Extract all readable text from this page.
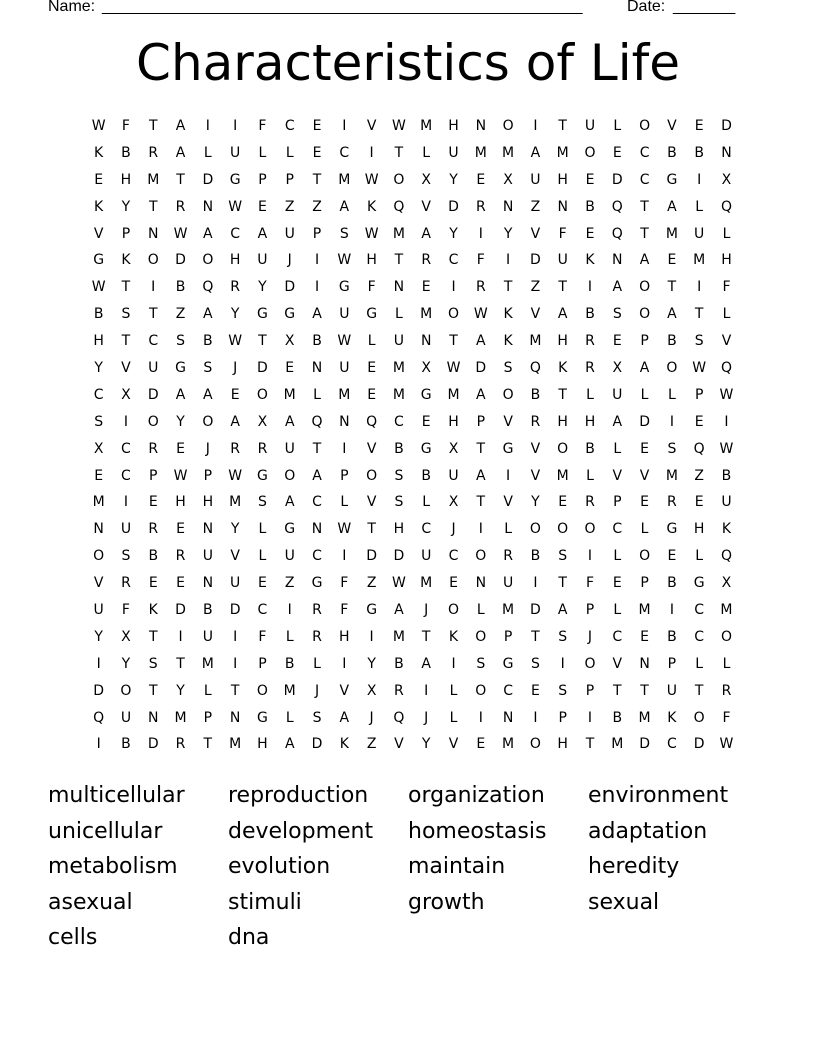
Name: ______________________________________________________	Date: _______
Characteristics of Life
W	F	T	A	I	I	F	C	E	I	V	W	M	H	N	O	I	T	U	L	O	V	E	D
K	B	R	A	L	U	L	L	E	C	I	T	L	U	M	M	A	M	O	E	C	B	B	N
E	H	M	T	D	G	P	P	T	M	W	O	X	Y	E	X	U	H	E	D	C	G	I	X
K	Y	T	R	N	W	E	Z	Z	A	K	Q	V	D	R	N	Z	N	B	Q	T	A	L	Q
V	P	N	W	A	C	A	U	P	S	W	M	A	Y	I	Y	V	F	E	Q	T	M	U	L
G	K	O	D	O	H	U	J	I	W	H	T	R	C	F	I	D	U	K	N	A	E	M	H
W	T	I	B	Q	R	Y	D	I	G	F	N	E	I	R	T	Z	T	I	A	O	T	I	F
B	S	T	Z	A	Y	G	G	A	U	G	L	M	O	W	K	V	A	B	S	O	A	T	L
H	T	C	S	B	W	T	X	B	W	L	U	N	T	A	K	M	H	R	E	P	B	S	V
Y	V	U	G	S	J	D	E	N	U	E	M	X	W	D	S	Q	K	R	X	A	O	W	Q
C	X	D	A	A	E	O	M	L	M	E	M	G	M	A	O	B	T	L	U	L	L	P	W
S	I	O	Y	O	A	X	A	Q	N	Q	C	E	H	P	V	R	H	H	A	D	I	E	I
X	C	R	E	J	R	R	U	T	I	V	B	G	X	T	G	V	O	B	L	E	S	Q	W
E	C	P	W	P	W	G	O	A	P	O	S	B	U	A	I	V	M	L	V	V	M	Z	B
M	I	E	H	H	M	S	A	C	L	V	S	L	X	T	V	Y	E	R	P	E	R	E	U
N	U	R	E	N	Y	L	G	N	W	T	H	C	J	I	L	O	O	O	C	L	G	H	K
O	S	B	R	U	V	L	U	C	I	D	D	U	C	O	R	B	S	I	L	O	E	L	Q
V	R	E	E	N	U	E	Z	G	F	Z	W	M	E	N	U	I	T	F	E	P	B	G	X
U	F	K	D	B	D	C	I	R	F	G	A	J	O	L	M	D	A	P	L	M	I	C	M
Y	X	T	I	U	I	F	L	R	H	I	M	T	K	O	P	T	S	J	C	E	B	C	O
I	Y	S	T	M	I	P	B	L	I	Y	B	A	I	S	G	S	I	O	V	N	P	L	L
D	O	T	Y	L	T	O	M	J	V	X	R	I	L	O	C	E	S	P	T	T	U	T	R
Q	U	N	M	P	N	G	L	S	A	J	Q	J	L	I	N	I	P	I	B	M	K	O	F
I	B	D	R	T	M	H	A	D	K	Z	V	Y	V	E	M	O	H	T	M	D	C	D	W
multicellular	reproduction	organization	environment
unicellular	development	homeostasis	adaptation
metabolism	evolution	maintain	heredity
asexual	stimuli	growth	sexual
cells	dna
